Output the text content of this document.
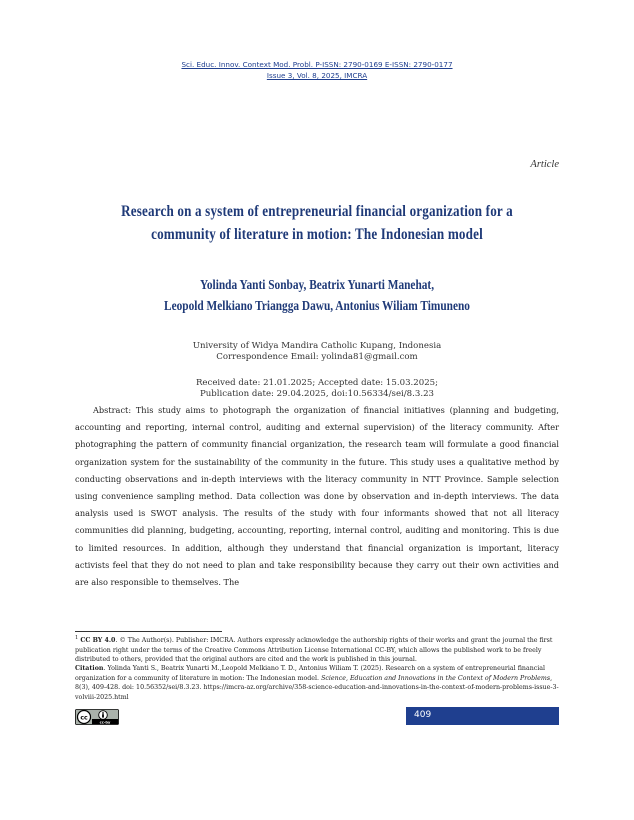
Sci. Educ. Innov. Context Mod. Probl. P-ISSN: 2790-0169 E-ISSN: 2790-0177
Issue 3, Vol. 8, 2025, IMCRA
Article
Research on a system of entrepreneurial financial organization for a
community of literature in motion: The Indonesian model
Yolinda Yanti Sonbay, Beatrix Yunarti Manehat,
Leopold Melkiano Triangga Dawu, Antonius Wiliam Timuneno
University of Widya Mandira Catholic Kupang, Indonesia
Correspondence Email: yolinda81@gmail.com
Received date: 21.01.2025; Accepted date: 15.03.2025;
Publication date: 29.04.2025, doi:10.56334/sei/8.3.23

Abstract: This study aims to photograph the organization of financial initiatives (planning and budgeting, accounting and reporting, internal control, auditing and external supervision) of the literacy community. After photographing the pattern of community financial organization, the research team will formulate a good financial organization system for the sustainability of the community in the future. This study uses a qualitative method by conducting observations and in-depth interviews with the literacy community in NTT Province. Sample selection using convenience sampling method. Data collection was done by observation and in-depth interviews. The data analysis used is SWOT analysis. The results of the study with four informants showed that not all literacy communities did planning, budgeting, accounting, reporting, internal control, auditing and monitoring. This is due to limited resources. In addition, although they understand that financial organization is important, literacy activists feel that they do not need to plan and take responsibility because they carry out their own activities and are also responsible to themselves. The

$^1$ CC BY 4.0. © The Author(s). Publisher: IMCRA. Authors expressly acknowledge the authorship rights of their works and grant the journal the first publication right under the terms of the Creative Commons Attribution License International CC-BY, which allows the published work to be freely distributed to others, provided that the original authors are cited and the work is published in this journal.

Citation. Yolinda Yanti S., Beatrix Yunarti M.,Leopold Melkiano T. D., Antonius Wiliam T. (2025). Research on a system of entrepreneurial financial organization for a community of literature in motion: The Indonesian model. Science, Education and Innovations in the Context of Modern Problems, 8(3), 409-428. doi: 10.56352/sei/8.3.23. https://imcra-az.org/archive/358-science-education-and-innovations-in-the-context-of-modern-problems-issue-3-volviii-2025.html

cc
cc-by
409
